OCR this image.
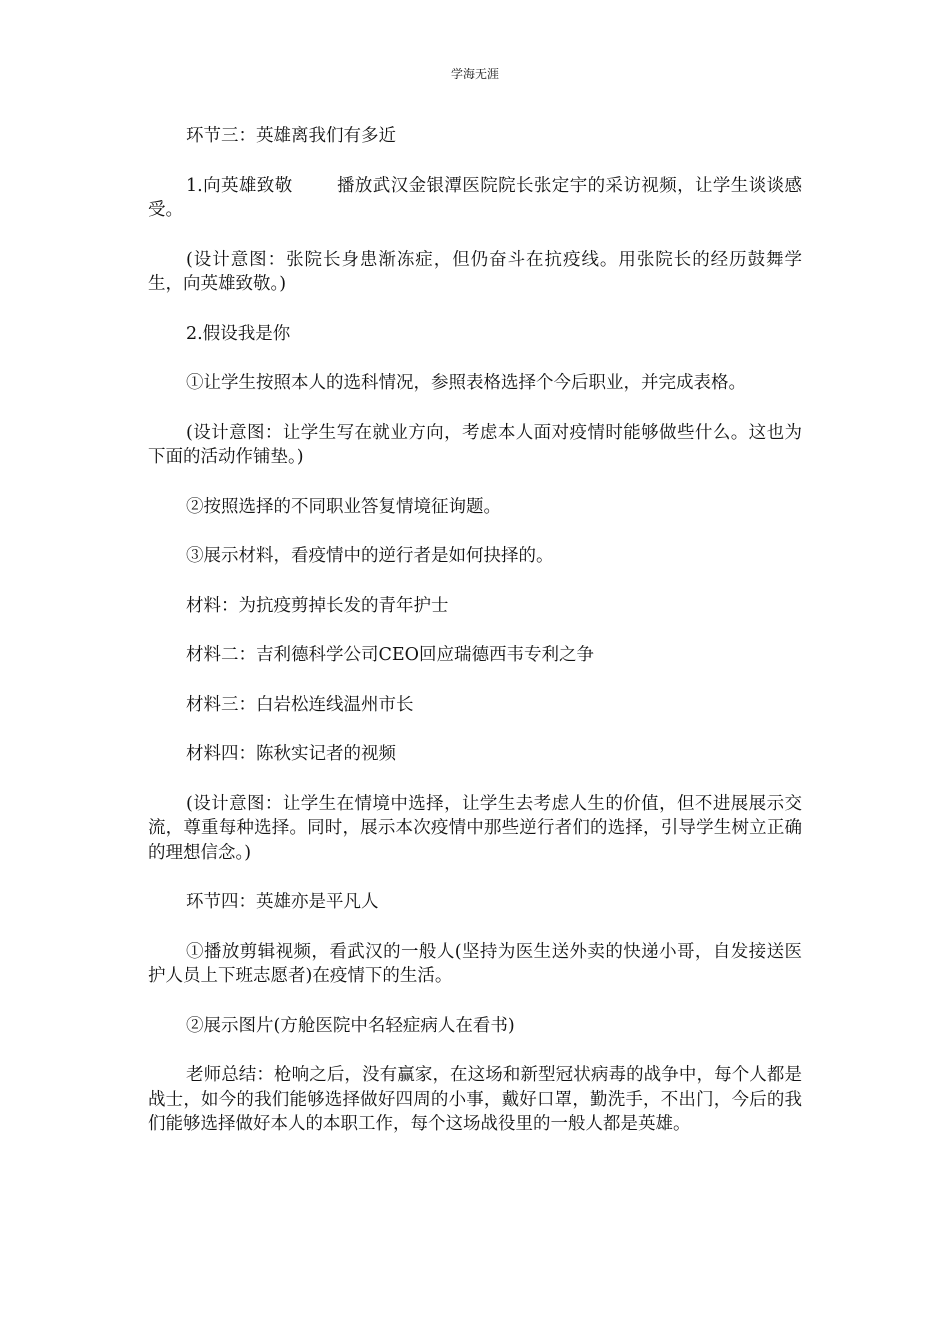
学海无涯
环节三：英雄离我们有多近
1.向英雄致敬	播放武汉金银潭医院院长张定宇的采访视频，让学生谈谈感受。
(设计意图：张院长身患渐冻症，但仍奋斗在抗疫线。用张院长的经历鼓舞学生，向英雄致敬。)
2.假设我是你
①让学生按照本人的选科情况，参照表格选择个今后职业，并完成表格。
(设计意图：让学生写在就业方向，考虑本人面对疫情时能够做些什么。这也为下面的活动作铺垫。)
②按照选择的不同职业答复情境征询题。
③展示材料，看疫情中的逆行者是如何抉择的。
材料：为抗疫剪掉长发的青年护士
材料二：吉利德科学公司CEO回应瑞德西韦专利之争
材料三：白岩松连线温州市长
材料四：陈秋实记者的视频
(设计意图：让学生在情境中选择，让学生去考虑人生的价值，但不进展展示交流，尊重每种选择。同时，展示本次疫情中那些逆行者们的选择，引导学生树立正确的理想信念。)
环节四：英雄亦是平凡人
①播放剪辑视频，看武汉的一般人(坚持为医生送外卖的快递小哥，自发接送医护人员上下班志愿者)在疫情下的生活。
②展示图片(方舱医院中名轻症病人在看书)
老师总结：枪响之后，没有赢家，在这场和新型冠状病毒的战争中，每个人都是战士，如今的我们能够选择做好四周的小事，戴好口罩，勤洗手，不出门，今后的我们能够选择做好本人的本职工作，每个这场战役里的一般人都是英雄。
